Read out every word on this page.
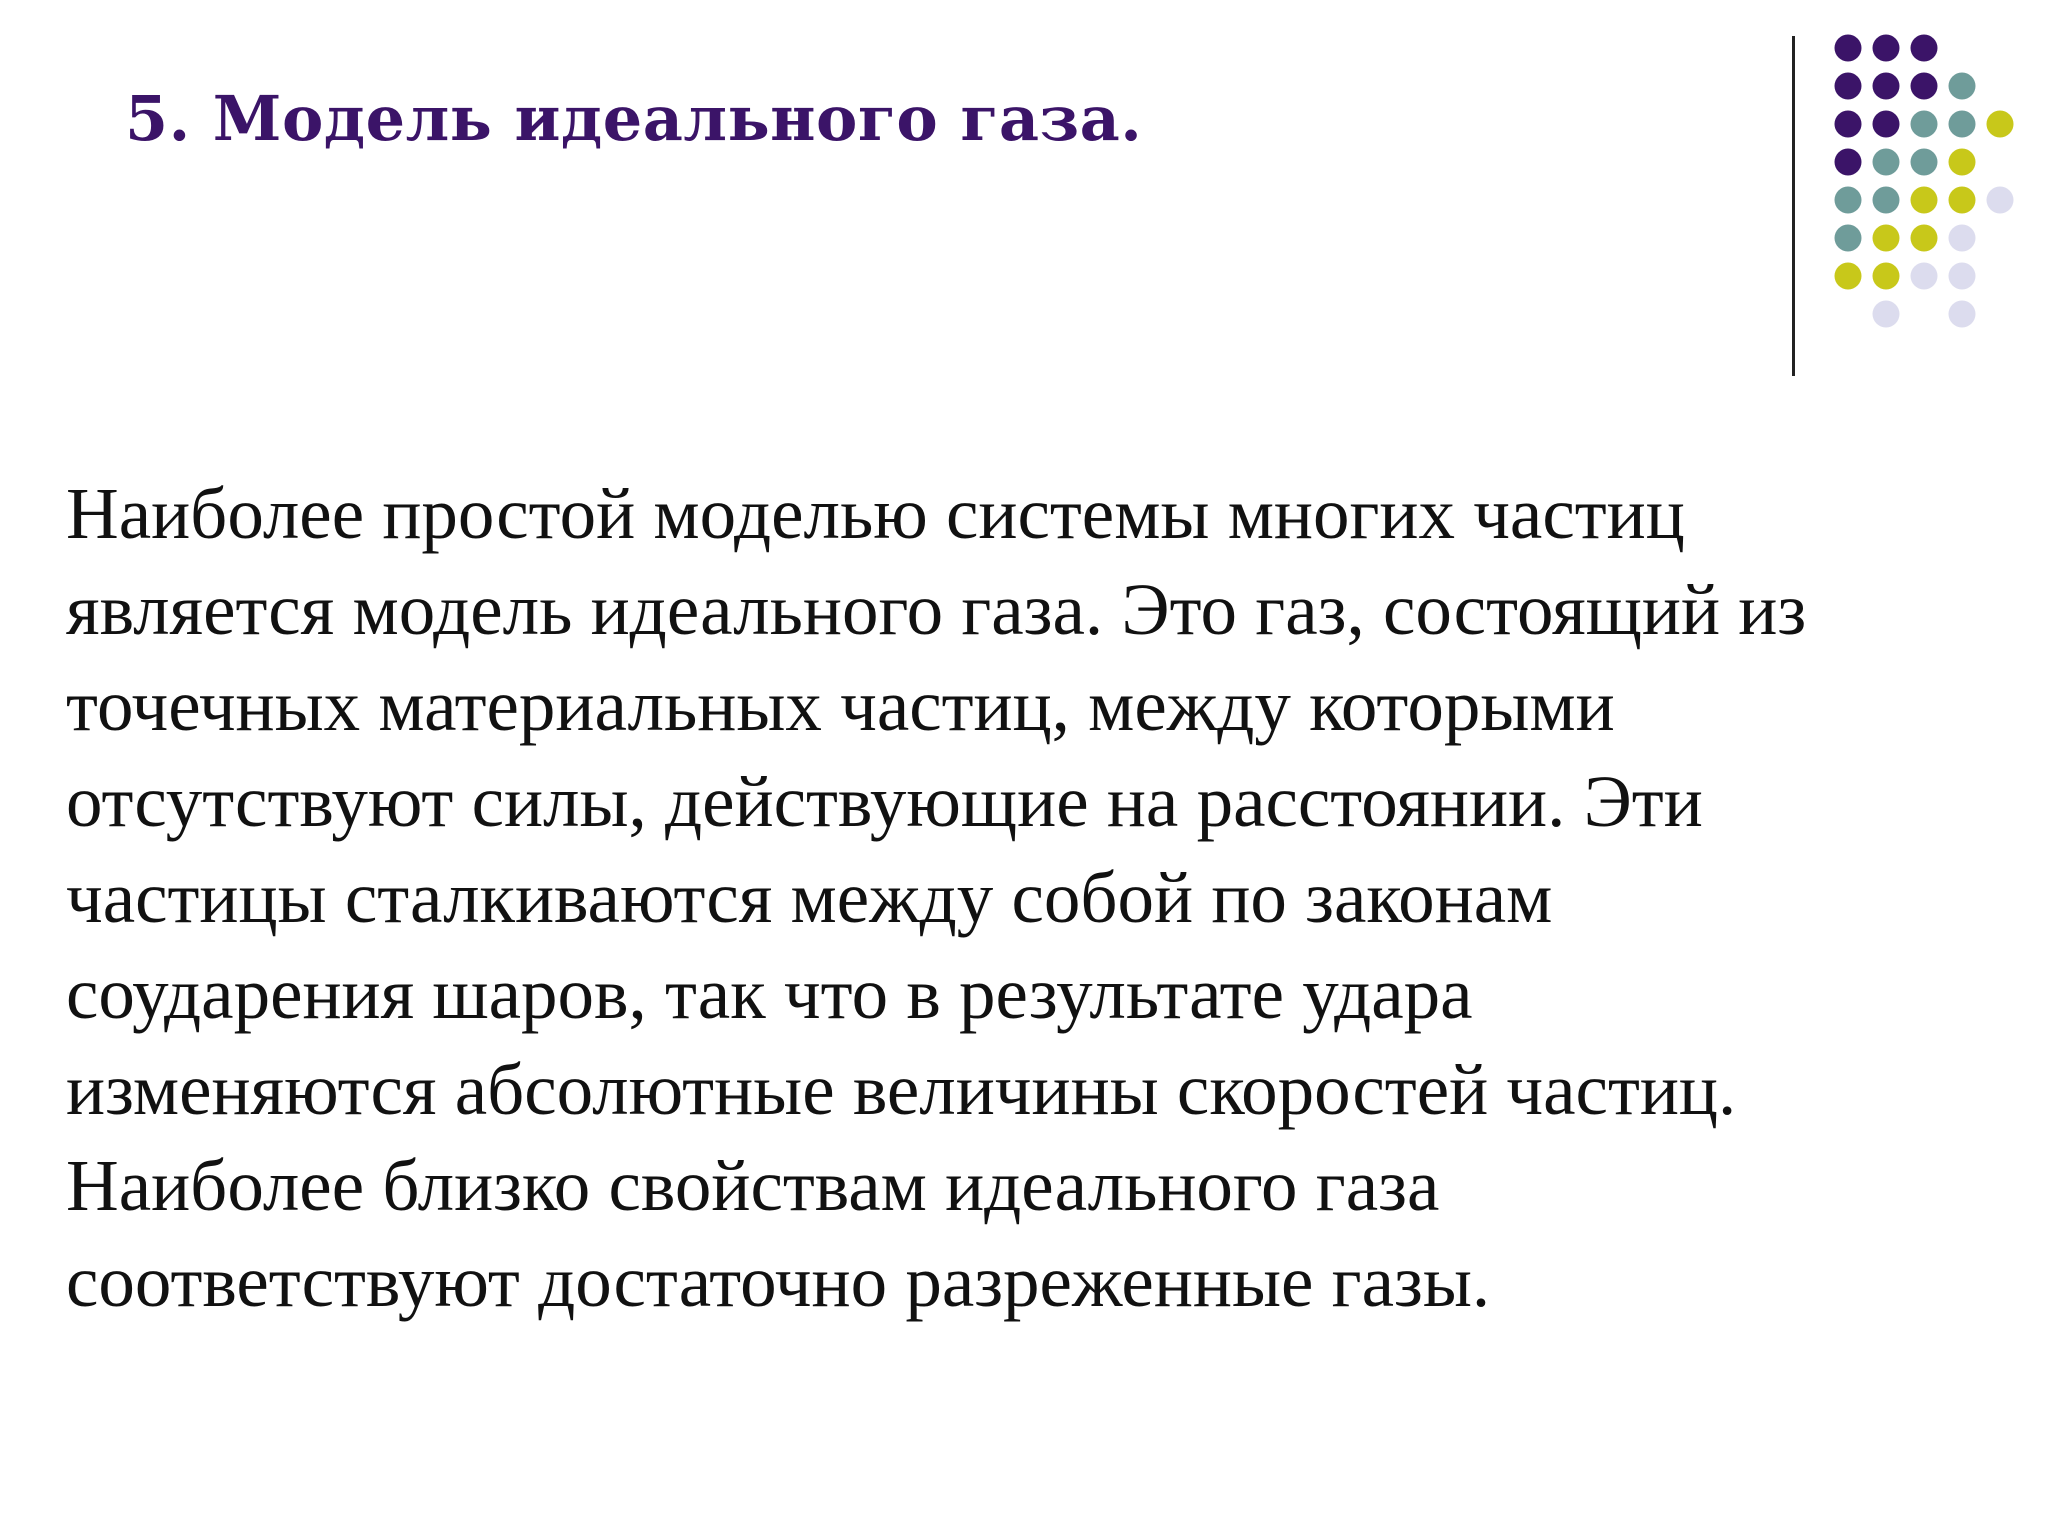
5. Модель идеального газа.
Наиболее простой моделью системы многих частиц
является модель идеального газа. Это газ, состоящий из
точечных материальных частиц, между которыми
отсутствуют силы, действующие на расстоянии. Эти
частицы сталкиваются между собой по законам
соударения шаров, так что в результате удара
изменяются абсолютные величины скоростей частиц.
Наиболее близко свойствам идеального газа
соответствуют достаточно разреженные газы.
